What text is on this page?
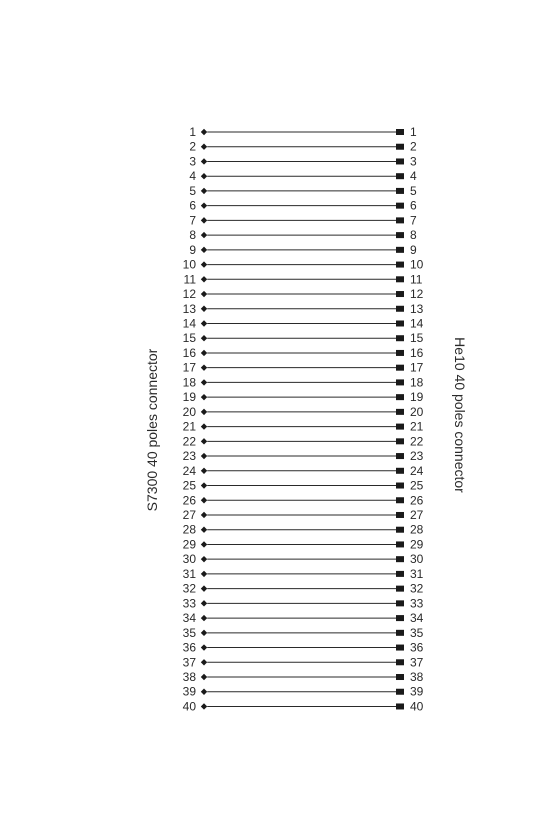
S7300 40 poles connector	He10 40 poles connector
1	1
2	2
3	3
4	4
5	5
6	6
7	7
8	8
9	9
10	10
11	11
12	12
13	13
14	14
15	15
16	16
17	17
18	18
19	19
20	20
21	21
22	22
23	23
24	24
25	25
26	26
27	27
28	28
29	29
30	30
31	31
32	32
33	33
34	34
35	35
36	36
37	37
38	38
39	39
40	40
